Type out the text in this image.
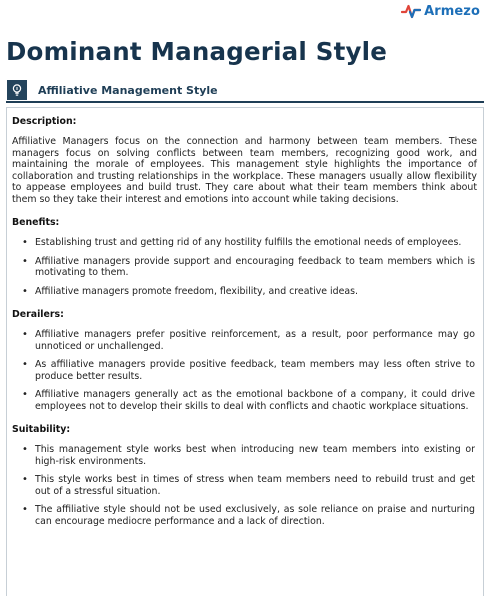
Armezo
Dominant Managerial Style
Affiliative Management Style
Description:

Affiliative Managers focus on the connection and harmony between team members. These managers focus on solving conflicts between team members, recognizing good work, and maintaining the morale of employees. This management style highlights the importance of collaboration and trusting relationships in the workplace. These managers usually allow flexibility to appease employees and build trust. They care about what their team members think about them so they take their interest and emotions into account while taking decisions.

Benefits:
• Establishing trust and getting rid of any hostility fulfills the emotional needs of employees.
• Affiliative managers provide support and encouraging feedback to team members which is motivating to them.
• Affiliative managers promote freedom, flexibility, and creative ideas.
Derailers:
• Affiliative managers prefer positive reinforcement, as a result, poor performance may go unnoticed or unchallenged.
• As affiliative managers provide positive feedback, team members may less often strive to produce better results.
• Affiliative managers generally act as the emotional backbone of a company, it could drive employees not to develop their skills to deal with conflicts and chaotic workplace situations.
Suitability:
• This management style works best when introducing new team members into existing or high-risk environments.
• This style works best in times of stress when team members need to rebuild trust and get out of a stressful situation.
• The affiliative style should not be used exclusively, as sole reliance on praise and nurturing can encourage mediocre performance and a lack of direction.
